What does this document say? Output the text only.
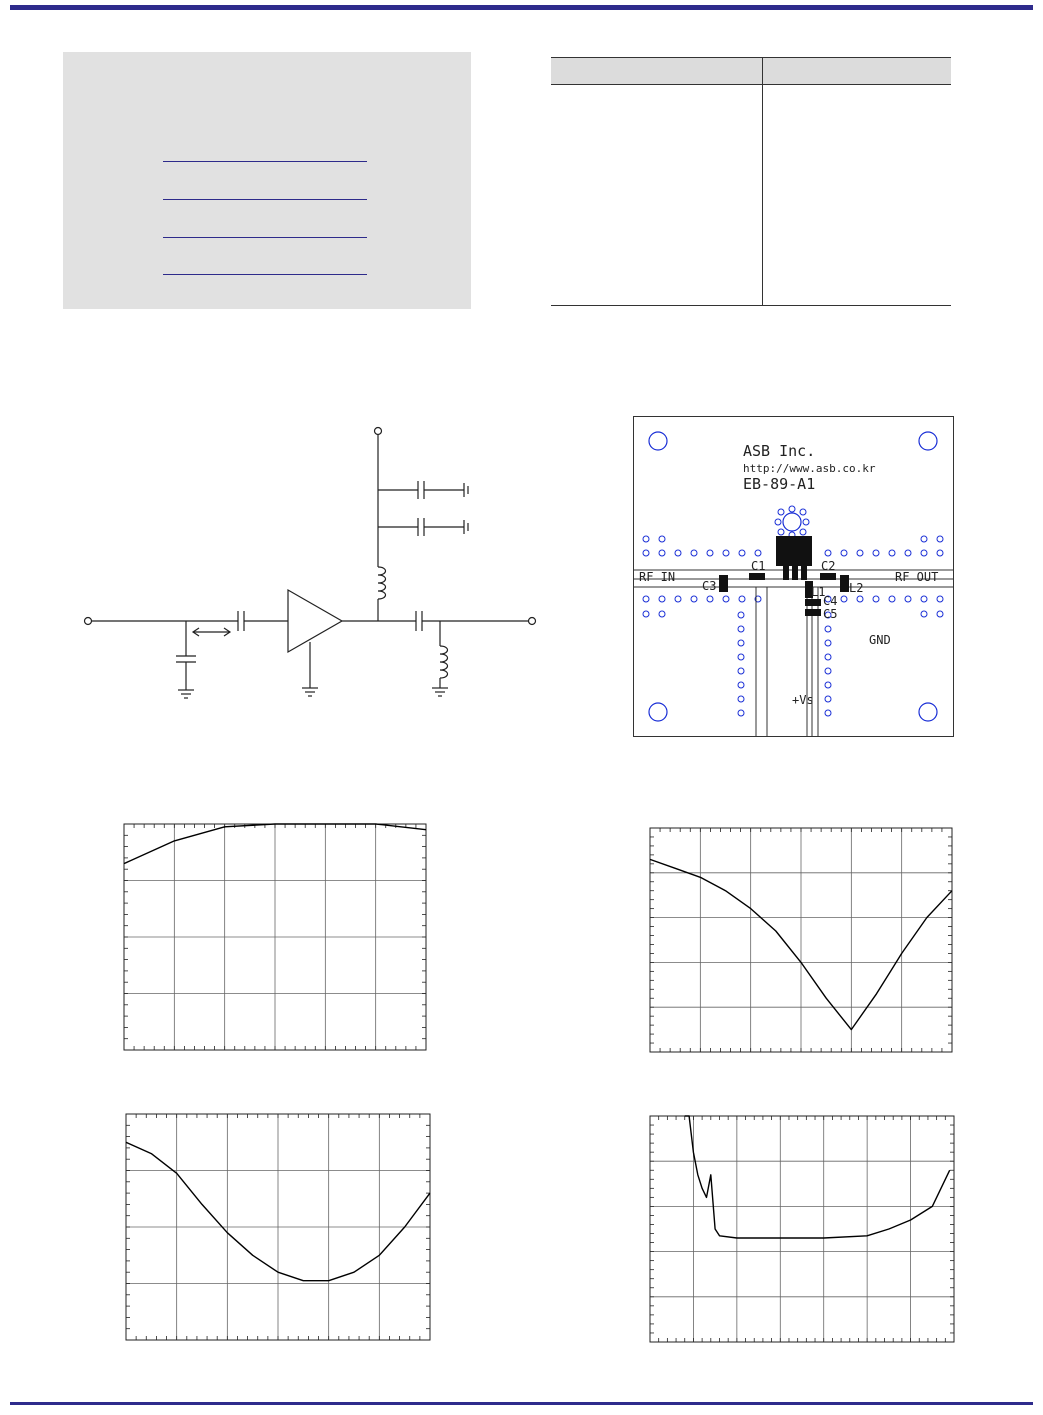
ASB Inc.
http://www.asb.co.kr
EB-89-A1
RF IN	RF OUT
GND
+Vs
C1	C2
C3
C4
C5
L1 L2
